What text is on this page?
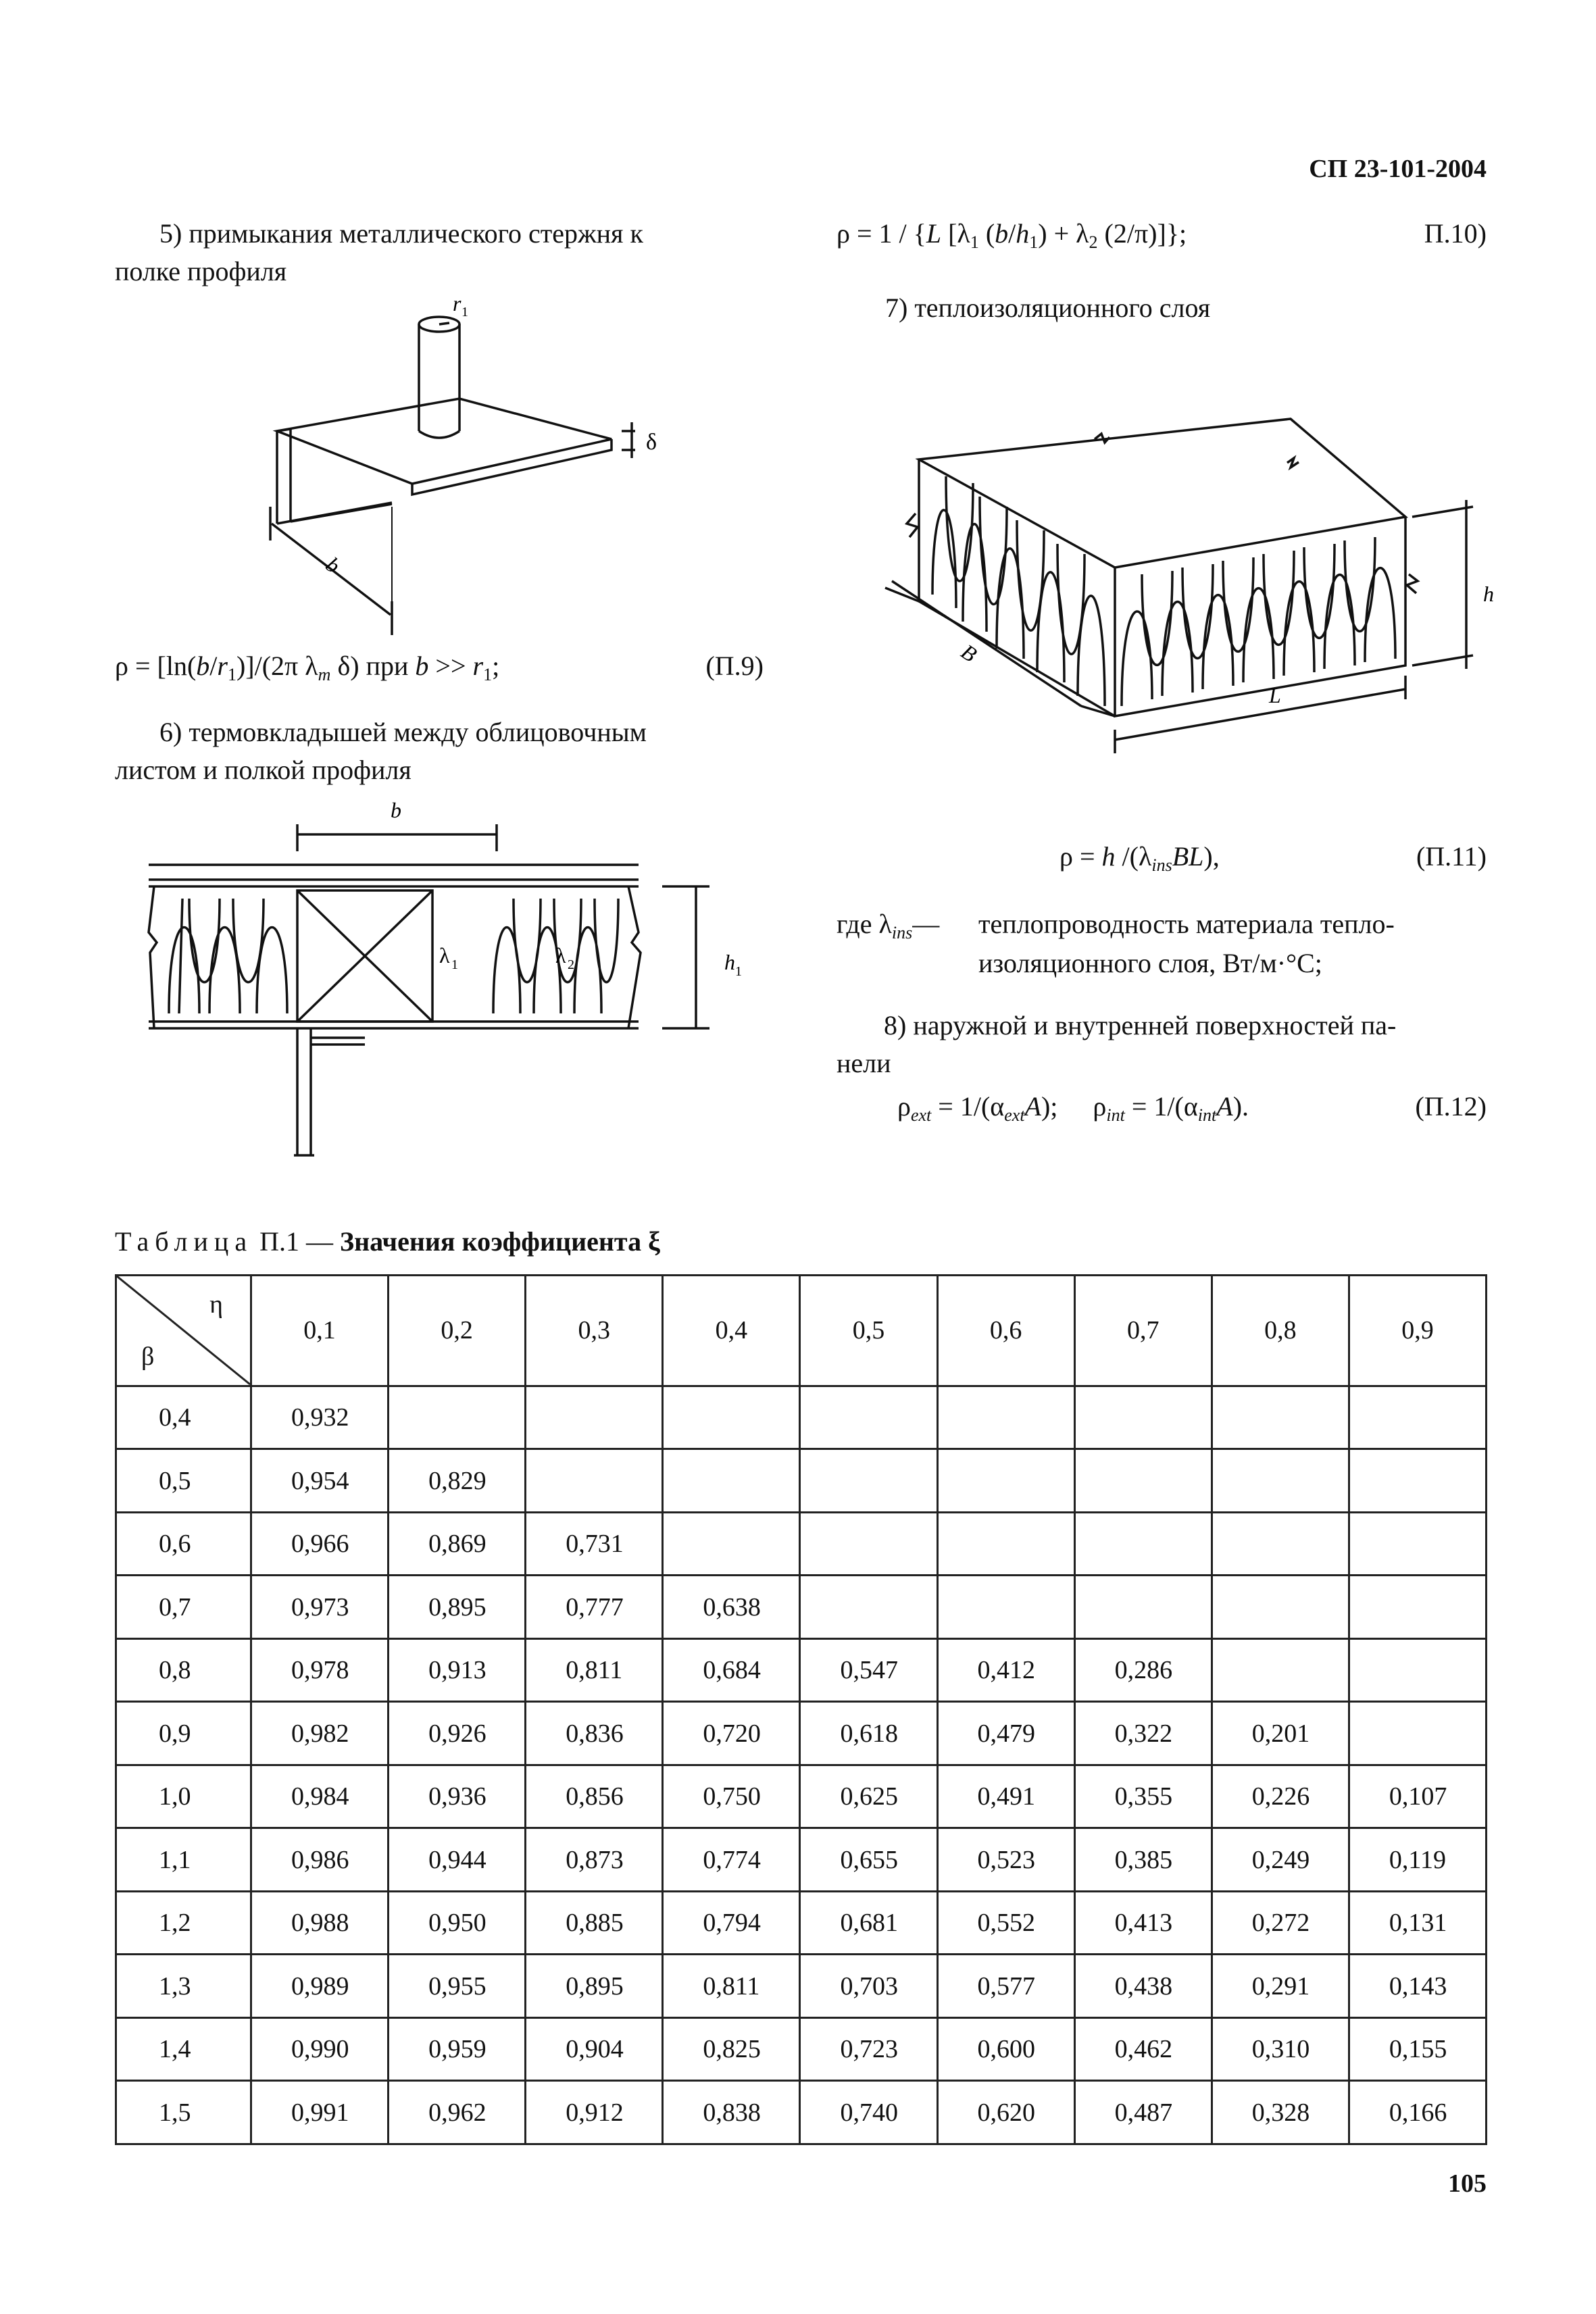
СП 23-101-2004
5) примыкания металлического стержня к
полке профиля
r 1
δ
b
$\rho = [\ln(b/r_1)]/(2\pi$ $\lambda_m$ δ) при $b >> r_1$;	(П.9)
6) термовкладышей между облицовочным
листом и полкой профиля
b
λ 1	λ 2	h 1
ρ = 1 / {L [$\lambda_1$ $(b/h_1) + \lambda_2$ (2/π)]};	П.10)
7) теплоизоляционного слоя
h
B
L
ρ = h $/(\lambda_{ins}BL)$,	(П.11)
где $\lambda_{ins}—$ теплопроводность материала тепло-
изоляционного слоя, Вт/м·°C;
8) наружной и внутренней поверхностей па-
нели
$\rho_{ext} = 1/(\alpha_{ext}A)$; $\rho_{int} = 1/(\alpha_{int}A)$.	(П.12)
Таблица П.1 — Значения коэффициента ξ
η
β	0,1	0,2	0,3	0,4	0,5	0,6	0,7	0,8	0,9
0,4	0,932								
0,5	0,954	0,829							
0,6	0,966	0,869	0,731						
0,7	0,973	0,895	0,777	0,638					
0,8	0,978	0,913	0,811	0,684	0,547	0,412	0,286		
0,9	0,982	0,926	0,836	0,720	0,618	0,479	0,322	0,201	
1,0	0,984	0,936	0,856	0,750	0,625	0,491	0,355	0,226	0,107
1,1	0,986	0,944	0,873	0,774	0,655	0,523	0,385	0,249	0,119
1,2	0,988	0,950	0,885	0,794	0,681	0,552	0,413	0,272	0,131
1,3	0,989	0,955	0,895	0,811	0,703	0,577	0,438	0,291	0,143
1,4	0,990	0,959	0,904	0,825	0,723	0,600	0,462	0,310	0,155
1,5	0,991	0,962	0,912	0,838	0,740	0,620	0,487	0,328	0,166
105
